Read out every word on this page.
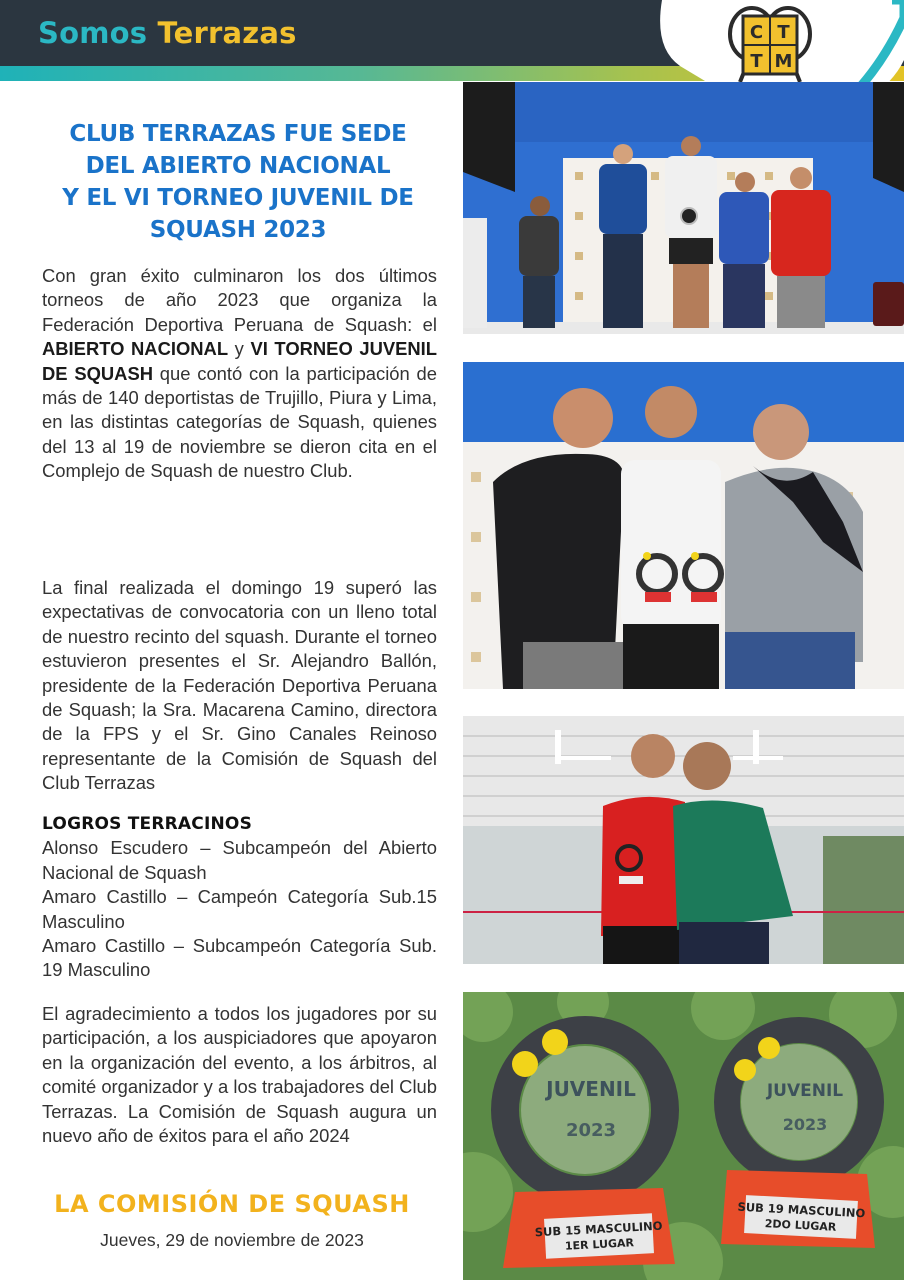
Somos Terrazas	C T
T M
CLUB TERRAZAS FUE SEDE
DEL ABIERTO NACIONAL
Y EL VI TORNEO JUVENIL DE
SQUASH 2023

Con gran éxito culminaron los dos últimos torneos de año 2023 que organiza la Federación Deportiva Peruana de Squash: el ABIERTO NACIONAL y VI TORNEO JUVENIL DE SQUASH que contó con la participación de más de 140 deportistas de Trujillo, Piura y Lima, en las distintas categorías de Squash, quienes del 13 al 19 de noviembre se dieron cita en el Complejo de Squash de nuestro Club.

La final realizada el domingo 19 superó las expectativas de convocatoria con un lleno total de nuestro recinto del squash. Durante el torneo estuvieron presentes el Sr. Alejandro Ballón, presidente de la Federación Deportiva Peruana de Squash; la Sra. Macarena Camino, directora de la FPS y el Sr. Gino Canales Reinoso representante de la Comisión de Squash del Club Terrazas

LOGROS TERRACINOS
Alonso Escudero – Subcampeón del Abierto Nacional de Squash
Amaro Castillo – Campeón Categoría Sub.15 Masculino
Amaro Castillo – Subcampeón Categoría Sub. 19 Masculino

El agradecimiento a todos los jugadores por su participación, a los auspiciadores que apoyaron en la organización del evento, a los árbitros, al comité organizador y a los trabajadores del Club Terrazas. La Comisión de Squash augura un nuevo año de éxitos para el año 2024

LA COMISIÓN DE SQUASH
Jueves, 29 de noviembre de 2023
JUVENIL
2023
SUB 15 MASCULINO
1ER LUGAR
JUVENIL
2023
SUB 19 MASCULINO
2DO LUGAR
